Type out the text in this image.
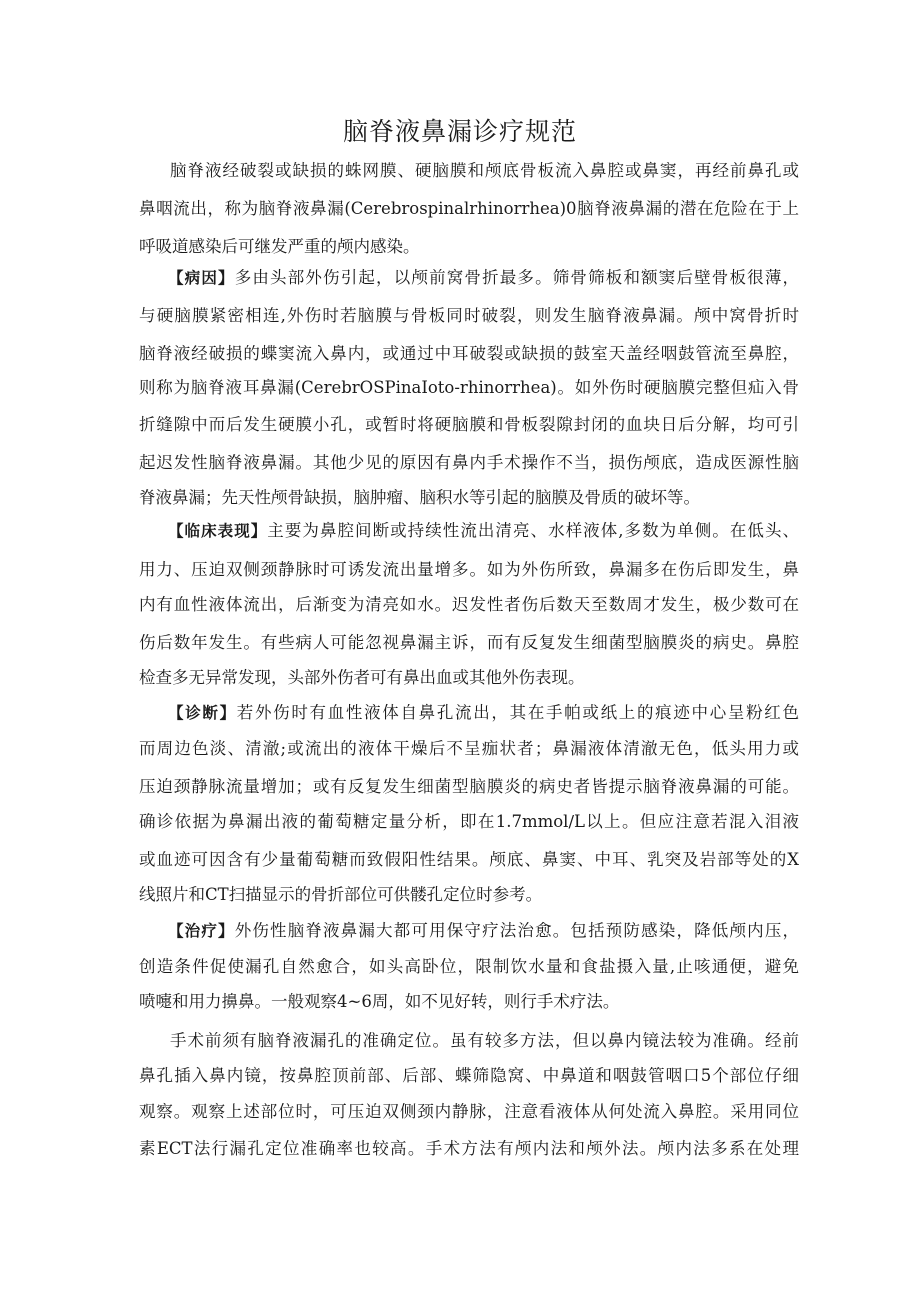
脑脊液鼻漏诊疗规范
脑脊液经破裂或缺损的蛛网膜、硬脑膜和颅底骨板流入鼻腔或鼻窦，再经前鼻孔或
鼻咽流出，称为脑脊液鼻漏(Cerebrospinalrhinorrhea)0脑脊液鼻漏的潜在危险在于上
呼吸道感染后可继发严重的颅内感染。
【病因】多由头部外伤引起，以颅前窝骨折最多。筛骨筛板和额窦后壁骨板很薄，
与硬脑膜紧密相连,外伤时若脑膜与骨板同时破裂，则发生脑脊液鼻漏。颅中窝骨折时
脑脊液经破损的蝶窦流入鼻内，或通过中耳破裂或缺损的鼓室天盖经咽鼓管流至鼻腔，
则称为脑脊液耳鼻漏(CerebrOSPinaIoto-rhinorrhea)。如外伤时硬脑膜完整但疝入骨
折缝隙中而后发生硬膜小孔，或暂时将硬脑膜和骨板裂隙封闭的血块日后分解，均可引
起迟发性脑脊液鼻漏。其他少见的原因有鼻内手术操作不当，损伤颅底，造成医源性脑
脊液鼻漏；先天性颅骨缺损，脑肿瘤、脑积水等引起的脑膜及骨质的破坏等。
【临床表现】主要为鼻腔间断或持续性流出清亮、水样液体,多数为单侧。在低头、
用力、压迫双侧颈静脉时可诱发流出量增多。如为外伤所致，鼻漏多在伤后即发生，鼻
内有血性液体流出，后渐变为清亮如水。迟发性者伤后数天至数周才发生，极少数可在
伤后数年发生。有些病人可能忽视鼻漏主诉，而有反复发生细菌型脑膜炎的病史。鼻腔
检查多无异常发现，头部外伤者可有鼻出血或其他外伤表现。
【诊断】若外伤时有血性液体自鼻孔流出，其在手帕或纸上的痕迹中心呈粉红色
而周边色淡、清澈;或流出的液体干燥后不呈痂状者；鼻漏液体清澈无色，低头用力或
压迫颈静脉流量增加；或有反复发生细菌型脑膜炎的病史者皆提示脑脊液鼻漏的可能。
确诊依据为鼻漏出液的葡萄糖定量分析，即在1.7mmol∕L以上。但应注意若混入泪液
或血迹可因含有少量葡萄糖而致假阳性结果。颅底、鼻窦、中耳、乳突及岩部等处的X
线照片和CT扫描显示的骨折部位可供髅孔定位时参考。
【治疗】外伤性脑脊液鼻漏大都可用保守疗法治愈。包括预防感染，降低颅内压，
创造条件促使漏孔自然愈合，如头高卧位，限制饮水量和食盐摄入量,止咳通便，避免
喷嚏和用力擤鼻。一般观察4~6周，如不见好转，则行手术疗法。
手术前须有脑脊液漏孔的准确定位。虽有较多方法，但以鼻内镜法较为准确。经前
鼻孔插入鼻内镜，按鼻腔顶前部、后部、蝶筛隐窝、中鼻道和咽鼓管咽口5个部位仔细
观察。观察上述部位时，可压迫双侧颈内静脉，注意看液体从何处流入鼻腔。采用同位
素ECT法行漏孔定位准确率也较高。手术方法有颅内法和颅外法。颅内法多系在处理
